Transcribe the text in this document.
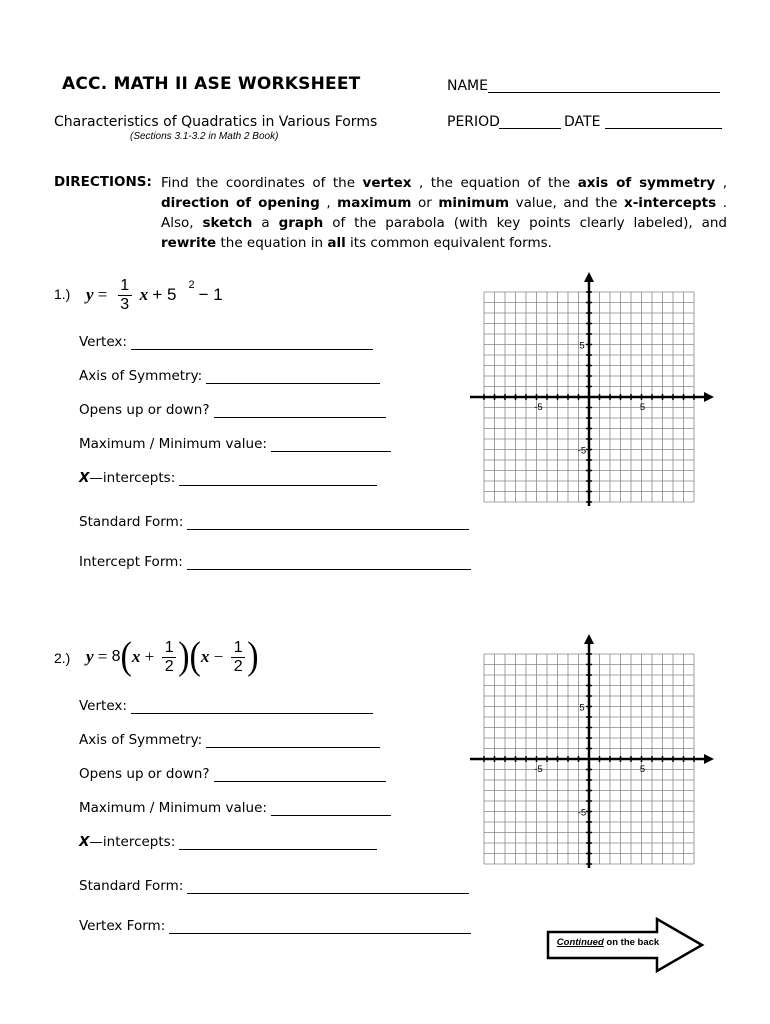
ACC. MATH II ASE WORKSHEET	NAME
Characteristics of Quadratics in Various Forms	PERIOD	DATE
(Sections 3.1-3.2 in Math 2 Book)
DIRECTIONS: Find the coordinates of the vertex , the equation of the axis of symmetry , direction of opening , maximum or minimum value, and the x-intercepts . Also, sketch a graph of the parabola (with key points clearly labeled), and rewrite the equation in all its common equivalent forms.
1.) y
=
$\frac{1}{3}$ x
+ 5 $^2$ − 1
Vertex:
Axis of Symmetry:
Opens up or down?
Maximum / Minimum value:
X—intercepts:
Standard Form:
Intercept Form:
5
-5
5
-5
2.) y
=
8 ( x
+ $\frac{1}{2}$ ) ( x
− $\frac{1}{2}$ )
Vertex:
Axis of Symmetry:
Opens up or down?
Maximum / Minimum value:
X—intercepts:
Standard Form:
Vertex Form:
5
-5
5
-5
Continued on the back
